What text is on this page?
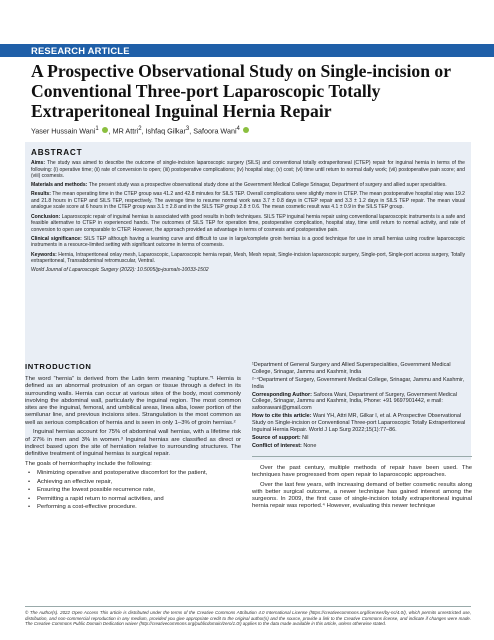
RESEARCH ARTICLE
A Prospective Observational Study on Single-incision or Conventional Three-port Laparoscopic Totally Extraperitoneal Inguinal Hernia Repair
Yaser Hussain Wani$^1$ , MR Attri$^2$, Ishfaq Gilkar$^3$, Safoora Wani$^4$
ABSTRACT

Aims: The study was aimed to describe the outcome of single-incision laparoscopic surgery (SILS) and conventional totally extraperitoneal (CTEP) repair for inguinal hernia in terms of the following: (i) operative time; (ii) rate of conversion to open; (iii) postoperative complications; (iv) hospital stay; (v) cost; (vi) time until return to normal daily work; (vii) postoperative pain score; and (viii) cosmesis.

Materials and methods: The present study was a prospective observational study done at the Government Medical College Srinagar, Department of surgery and allied super specialities.

Results: The mean operating time in the CTEP group was 41.2 and 42.8 minutes for SILS TEP. Overall complications were slightly more in CTEP. The mean postoperative hospital stay was 19.2 and 21.8 hours in CTEP and SILS TEP, respectively. The average time to resume normal work was 3.7 ± 0.8 days in CTEP repair and 3.3 ± 1.2 days in SILS TEP repair. The mean visual analogue scale score at 6 hours in the CTEP group was 3.1 ± 2.8 and in the SILS TEP group 2.8 ± 0.6. The mean cosmetic result was 4.1 ± 0.9 in the SILS TEP group.

Conclusion: Laparoscopic repair of inguinal hernias is associated with good results in both techniques. SILS TEP inguinal hernia repair using conventional laparoscopic instruments is a safe and feasible alternative to CTEP in experienced hands. The outcomes of SILS TEP for operation time, postoperative complication, hospital stay, time until return to normal activity, and rate of conversion to open are comparable to CTEP. However, the approach provided an advantage in terms of cosmesis and postoperative pain.

Clinical significance: SILS TEP although having a learning curve and difficult to use in large/complete groin hernias is a good technique for use in small hernias using routine laparoscopic instruments in a resource-limited setting with significant outcome in terms of cosmesis.

Keywords: Hernia, Intraperitoneal onlay mesh, Laparoscopic, Laparoscopic hernia repair, Mesh, Mesh repair, Single-incision laparoscopic surgery, Single-port, Single-port access surgery, Totally extraperitoneal, Transabdominal retromuscular, Ventral.

World Journal of Laparoscopic Surgery (2022): 10.5005/jp-journals-10033-1502

INTRODUCTION

The word “hernia” is derived from the Latin term meaning “rupture.”¹ Hernia is defined as an abnormal protrusion of an organ or tissue through a defect in its surrounding walls. Hernia can occur at various sites of the body, most commonly involving the abdominal wall, particularly the inguinal region. The most common sites are the inguinal, femoral, and umbilical areas, linea alba, lower portion of the semilunar line, and previous incisions sites. Strangulation is the most common as well as serious complication of hernia and is seen in only 1–3% of groin hernias.²

Inguinal hernias account for 75% of abdominal wall hernias, with a lifetime risk of 27% in men and 3% in women.³ Inguinal hernias are classified as direct or indirect based upon the site of herniation relative to surrounding structures. The definitive treatment of inguinal hernias is surgical repair.

The goals of herniorrhaphy include the following:

• Minimizing operative and postoperative discomfort for the patient,
• Achieving an effective repair,
• Ensuring the lowest possible recurrence rate,
• Permitting a rapid return to normal activities, and
• Performing a cost-effective procedure.

¹Department of General Surgery and Allied Superspecialities, Government Medical College, Srinagar, Jammu and Kashmir, India

²⁻⁴Department of Surgery, Government Medical College, Srinagar, Jammu and Kashmir, India

Corresponding Author: Safoora Wani, Department of Surgery, Government Medical College, Srinagar, Jammu and Kashmir, India, Phone: +91 9697901442, e mail: safoorawani@gmail.com

How to cite this article: Wani YH, Attri MR, Gilkar I, et al. A Prospective Observational Study on Single-incision or Conventional Three-port Laparoscopic Totally Extraperitoneal Inguinal Hernia Repair. World J Lap Surg 2022;15(1):77–86.

Source of support: Nil

Conflict of interest: None

Over the past century, multiple methods of repair have been used. The techniques have progressed from open repair to laparoscopic approaches.

Over the last few years, with increasing demand of better cosmetic results along with better surgical outcome, a newer technique has gained interest among the surgeons. In 2009, the first case of single-incision totally extraperitoneal inguinal hernia repair was reported.⁴ However, evaluating this newer technique

© The Author(s). 2022 Open Access This article is distributed under the terms of the Creative Commons Attribution 4.0 International License (https://creativecommons.org/licenses/by-nc/4.0/), which permits unrestricted use, distribution, and non-commercial reproduction in any medium, provided you give appropriate credit to the original author(s) and the source, provide a link to the Creative Commons license, and indicate if changes were made. The Creative Commons Public Domain Dedication waiver (http://creativecommons.org/publicdomain/zero/1.0/) applies to the data made available in this article, unless otherwise stated.
